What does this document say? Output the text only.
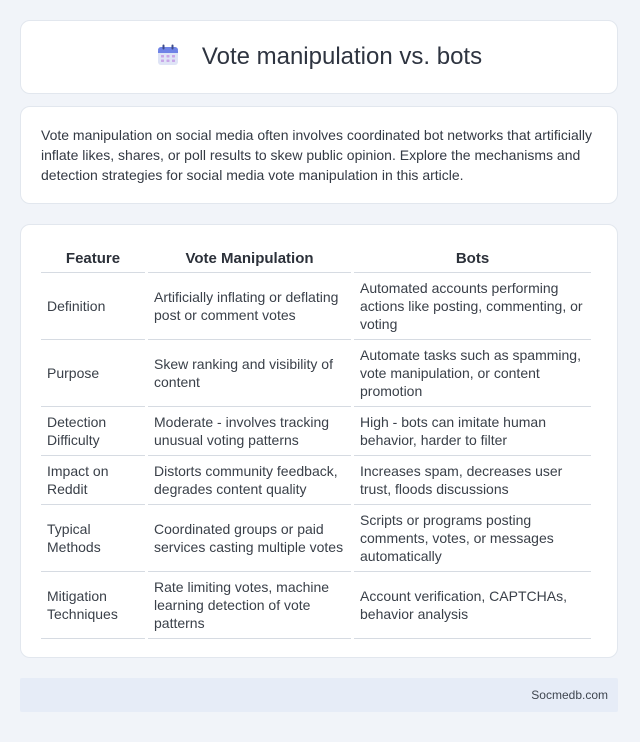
Vote manipulation vs. bots

Vote manipulation on social media often involves coordinated bot networks that artificially inflate likes, shares, or poll results to skew public opinion. Explore the mechanisms and detection strategies for social media vote manipulation in this article.

Feature	Vote Manipulation	Bots
Definition	Artificially inflating or deflating post or comment votes	Automated accounts performing actions like posting, commenting, or voting
Purpose	Skew ranking and visibility of content	Automate tasks such as spamming, vote manipulation, or content promotion
Detection Difficulty	Moderate - involves tracking unusual voting patterns	High - bots can imitate human behavior, harder to filter
Impact on Reddit	Distorts community feedback, degrades content quality	Increases spam, decreases user trust, floods discussions
Typical Methods	Coordinated groups or paid services casting multiple votes	Scripts or programs posting comments, votes, or messages automatically
Mitigation Techniques	Rate limiting votes, machine learning detection of vote patterns	Account verification, CAPTCHAs, behavior analysis
Socmedb.com
